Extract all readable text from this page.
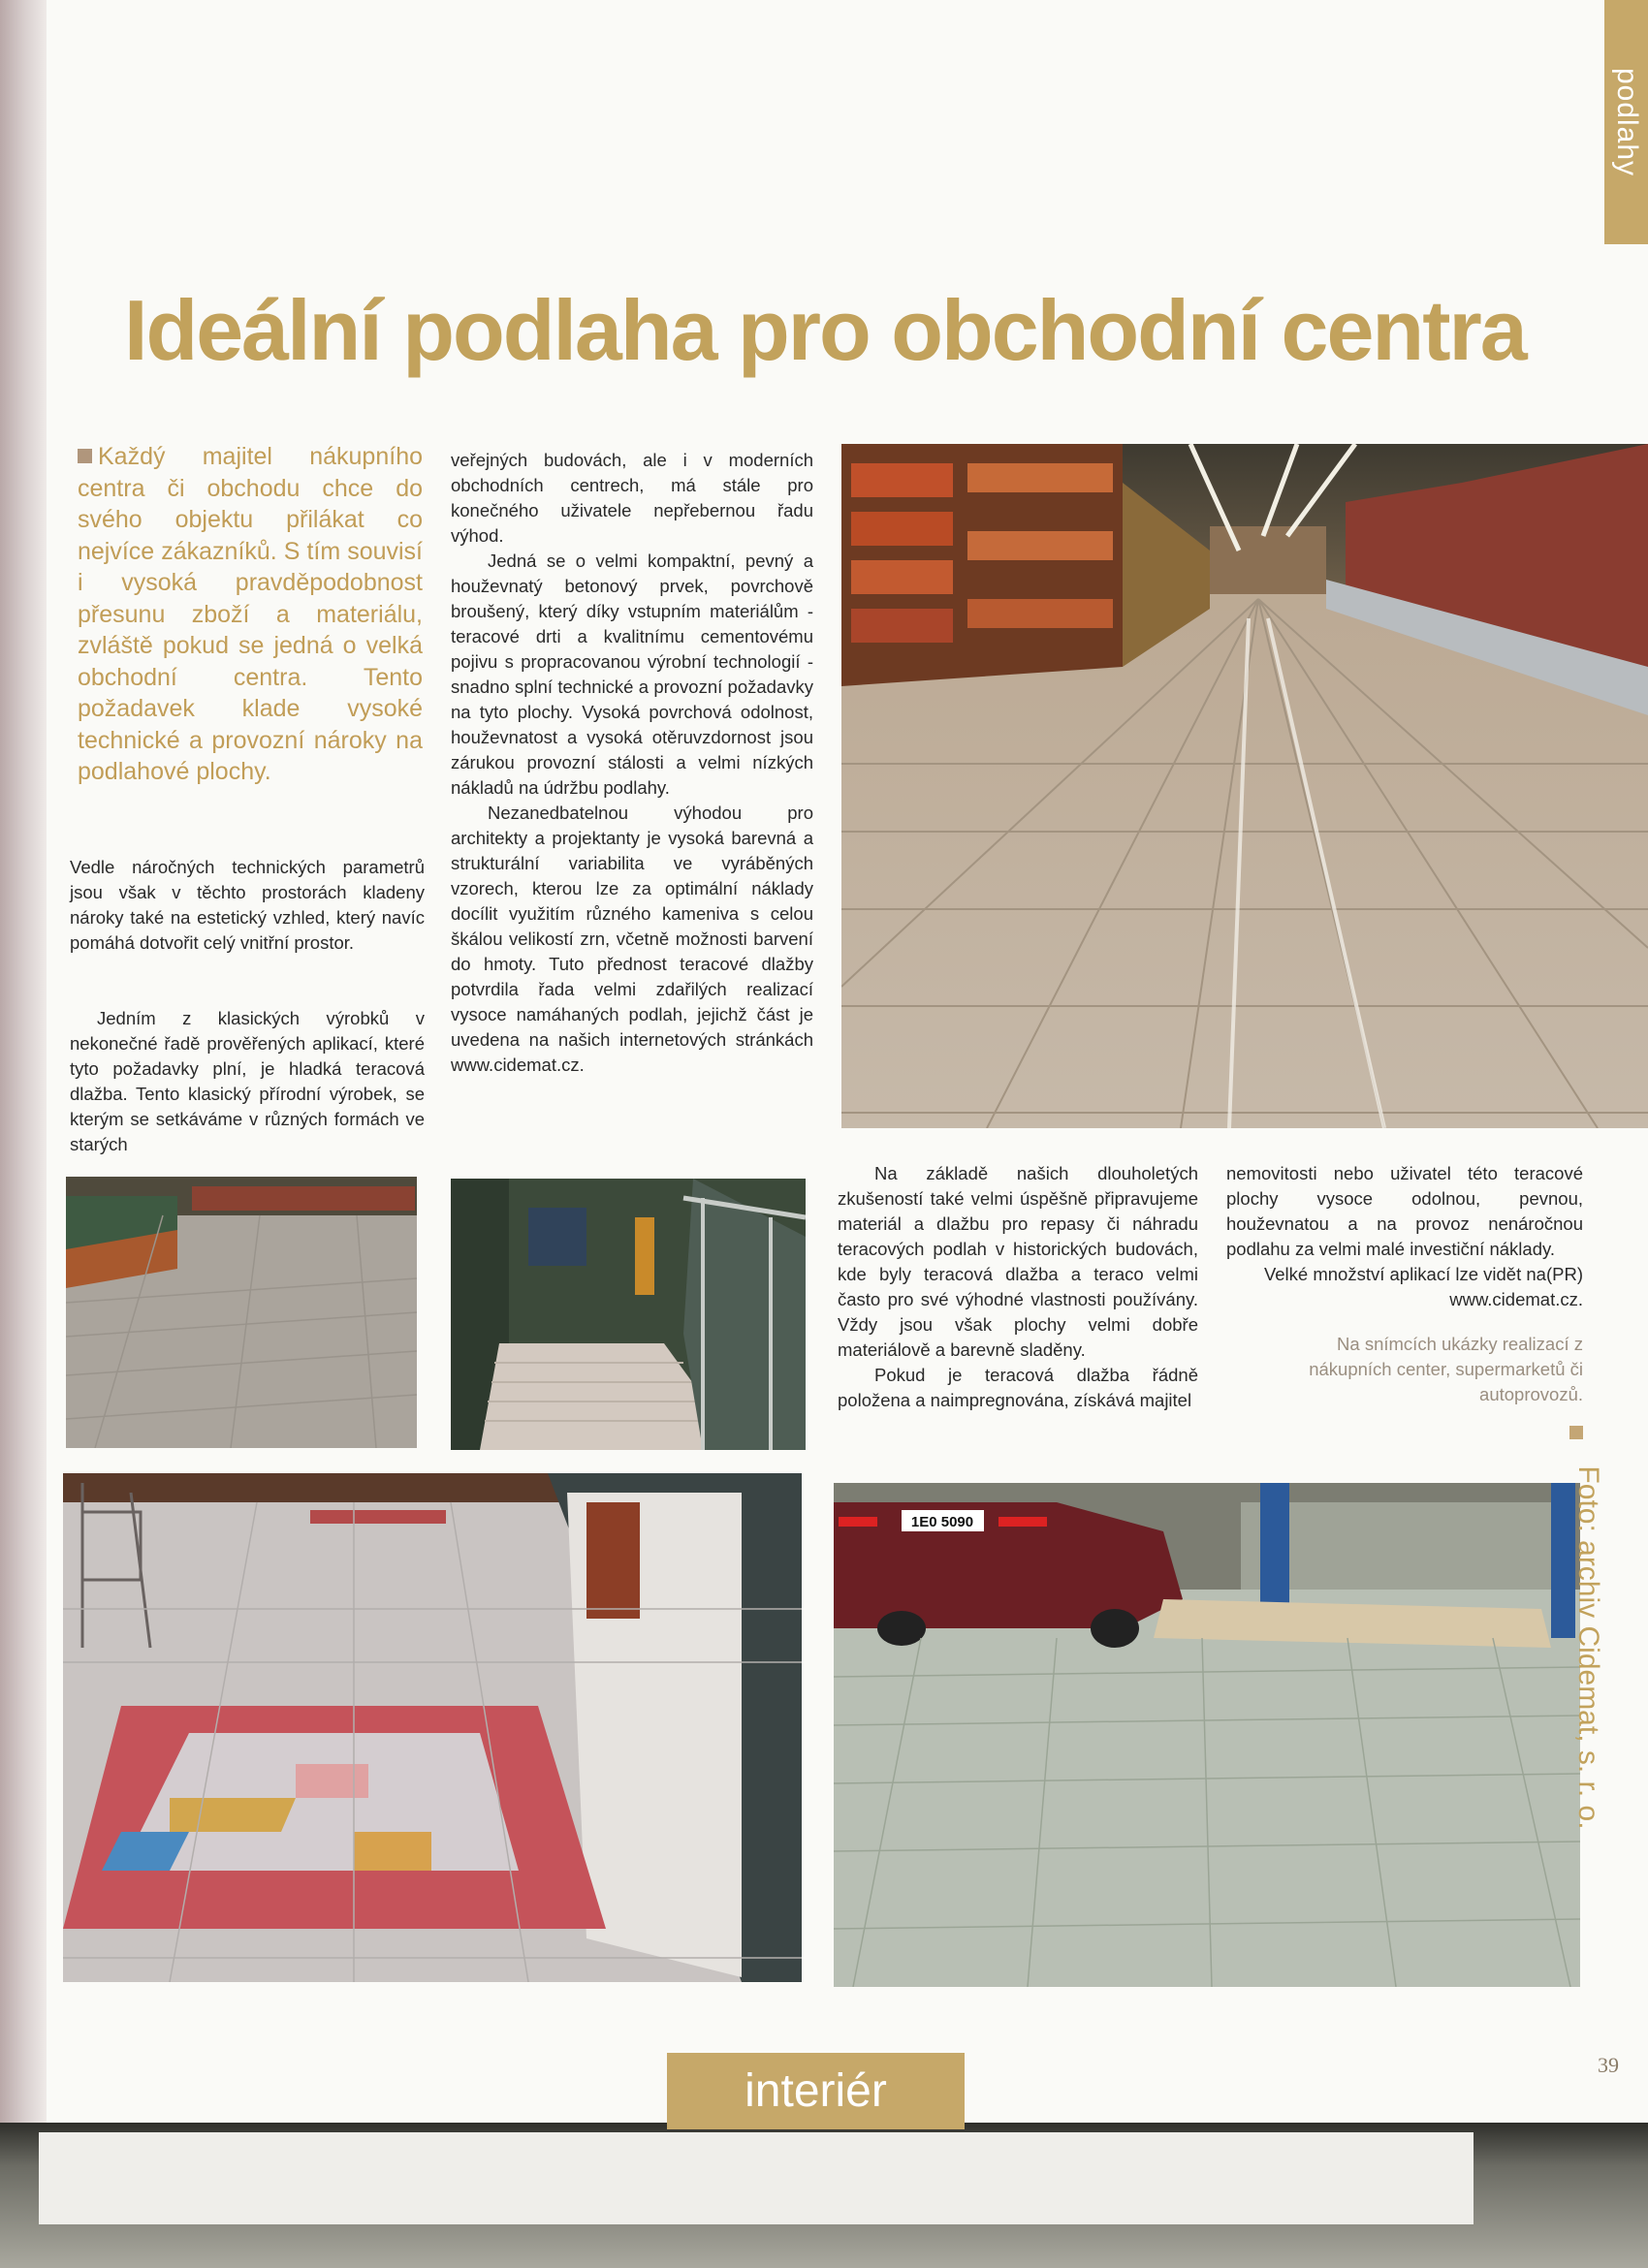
podlahy
Ideální podlaha pro obchodní centra

Každý majitel nákupního centra či obchodu chce do svého objektu přilákat co nejvíce zákazníků. S tím souvisí i vysoká pravděpodobnost přesunu zboží a materiálu, zvláště pokud se jedná o velká obchodní centra. Tento požadavek klade vysoké technické a provozní nároky na podlahové plochy.

Vedle náročných technických parametrů jsou však v těchto prostorách kladeny nároky také na estetický vzhled, který navíc pomáhá dotvořit celý vnitřní prostor.

Jedním z klasických výrobků v nekonečné řadě prověřených aplikací, které tyto požadavky plní, je hladká teracová dlažba. Tento klasický přírodní výrobek, se kterým se setkáváme v různých formách ve starých

veřejných budovách, ale i v moderních obchodních centrech, má stále pro konečného uživatele nepřebernou řadu výhod.

Jedná se o velmi kompaktní, pevný a houževnatý betonový prvek, povrchově broušený, který díky vstupním materiálům - teracové drti a kvalitnímu cementovému pojivu s propracovanou výrobní technologií - snadno splní technické a provozní požadavky na tyto plochy. Vysoká povrchová odolnost, houževnatost a vysoká otěruvzdornost jsou zárukou provozní stálosti a velmi nízkých nákladů na údržbu podlahy.

Nezanedbatelnou výhodou pro architekty a projektanty je vysoká barevná a strukturální variabilita ve vyráběných vzorech, kterou lze za optimální náklady docílit využitím různého kameniva s celou škálou velikostí zrn, včetně možnosti barvení do hmoty. Tuto přednost teracové dlažby potvrdila řada velmi zdařilých realizací vysoce namáhaných podlah, jejichž část je uvedena na našich internetových stránkách www.cidemat.cz.

Na základě našich dlouholetých zkušeností také velmi úspěšně připravujeme materiál a dlažbu pro repasy či náhradu teracových podlah v historických budovách, kde byly teracová dlažba a teraco velmi často pro své výhodné vlastnosti používány. Vždy jsou však plochy velmi dobře materiálově a barevně sladěny.

Pokud je teracová dlažba řádně položena a naimpregnována, získává majitel

nemovitosti nebo uživatel této teracové plochy vysoce odolnou, pevnou, houževnatou a na provoz nenáročnou podlahu za velmi malé investiční náklady.
(PR)

Velké množství aplikací lze vidět na www.cidemat.cz.

Na snímcích ukázky realizací z nákupních center, supermarketů či autoprovozů.

1E0 5090	Foto: archiv Cidemat, s. r. o.
interiér
39
